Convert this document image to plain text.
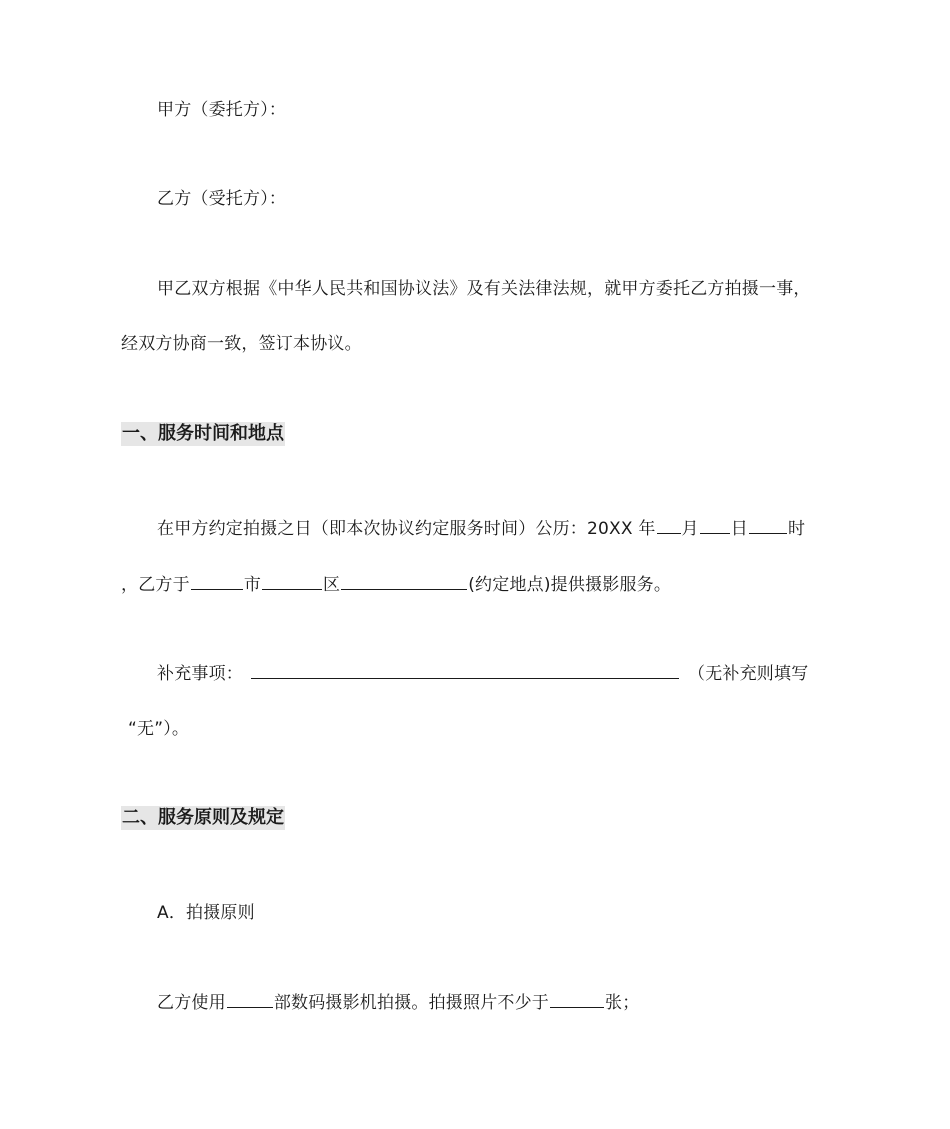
甲方（委托方）：
乙方（受托方）：
甲乙双方根据《中华人民共和国协议法》及有关法律法规，就甲方委托乙方拍摄一事，
经双方协商一致，签订本协议。
一、服务时间和地点
在甲方约定拍摄之日（即本次协议约定服务时间）公历：20XX 年 月 日 时
，乙方于	市	区	(约定地点)提供摄影服务。
补充事项：	（无补充则填写
“无”）。
二、服务原则及规定
A．拍摄原则
乙方使用	部数码摄影机拍摄。拍摄照片不少于	张；
